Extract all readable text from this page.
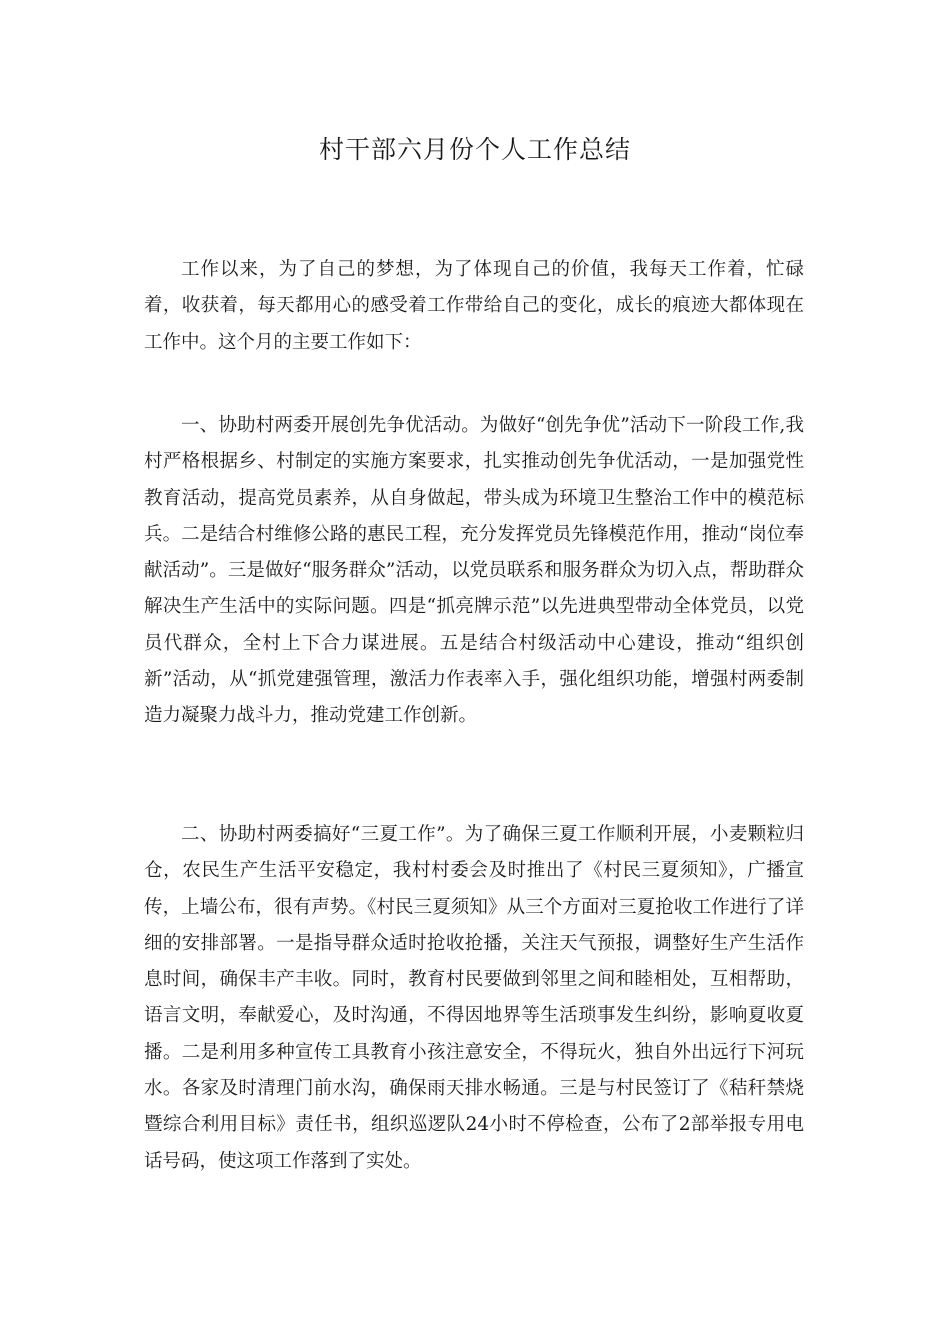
村干部六月份个人工作总结

工作以来，为了自己的梦想，为了体现自己的价值，我每天工作着，忙碌着，收获着，每天都用心的感受着工作带给自己的变化，成长的痕迹大都体现在工作中。这个月的主要工作如下：

一、协助村两委开展创先争优活动。为做好“创先争优”活动下一阶段工作,我村严格根据乡、村制定的实施方案要求，扎实推动创先争优活动，一是加强党性教育活动，提高党员素养，从自身做起，带头成为环境卫生整治工作中的模范标兵。二是结合村维修公路的惠民工程，充分发挥党员先锋模范作用，推动“岗位奉献活动”。三是做好“服务群众”活动，以党员联系和服务群众为切入点，帮助群众解决生产生活中的实际问题。四是“抓亮牌示范”以先进典型带动全体党员，以党员代群众，全村上下合力谋进展。五是结合村级活动中心建设，推动“组织创新”活动，从“抓党建强管理，激活力作表率入手，强化组织功能，增强村两委制造力凝聚力战斗力，推动党建工作创新。

二、协助村两委搞好“三夏工作”。为了确保三夏工作顺利开展，小麦颗粒归仓，农民生产生活平安稳定，我村村委会及时推出了《村民三夏须知》，广播宣传，上墙公布，很有声势。《村民三夏须知》从三个方面对三夏抢收工作进行了详细的安排部署。一是指导群众适时抢收抢播，关注天气预报，调整好生产生活作息时间，确保丰产丰收。同时，教育村民要做到邻里之间和睦相处，互相帮助，语言文明，奉献爱心，及时沟通，不得因地界等生活琐事发生纠纷，影响夏收夏播。二是利用多种宣传工具教育小孩注意安全，不得玩火，独自外出远行下河玩水。各家及时清理门前水沟，确保雨天排水畅通。三是与村民签订了《秸秆禁烧暨综合利用目标》责任书，组织巡逻队24小时不停检查，公布了2部举报专用电话号码，使这项工作落到了实处。
